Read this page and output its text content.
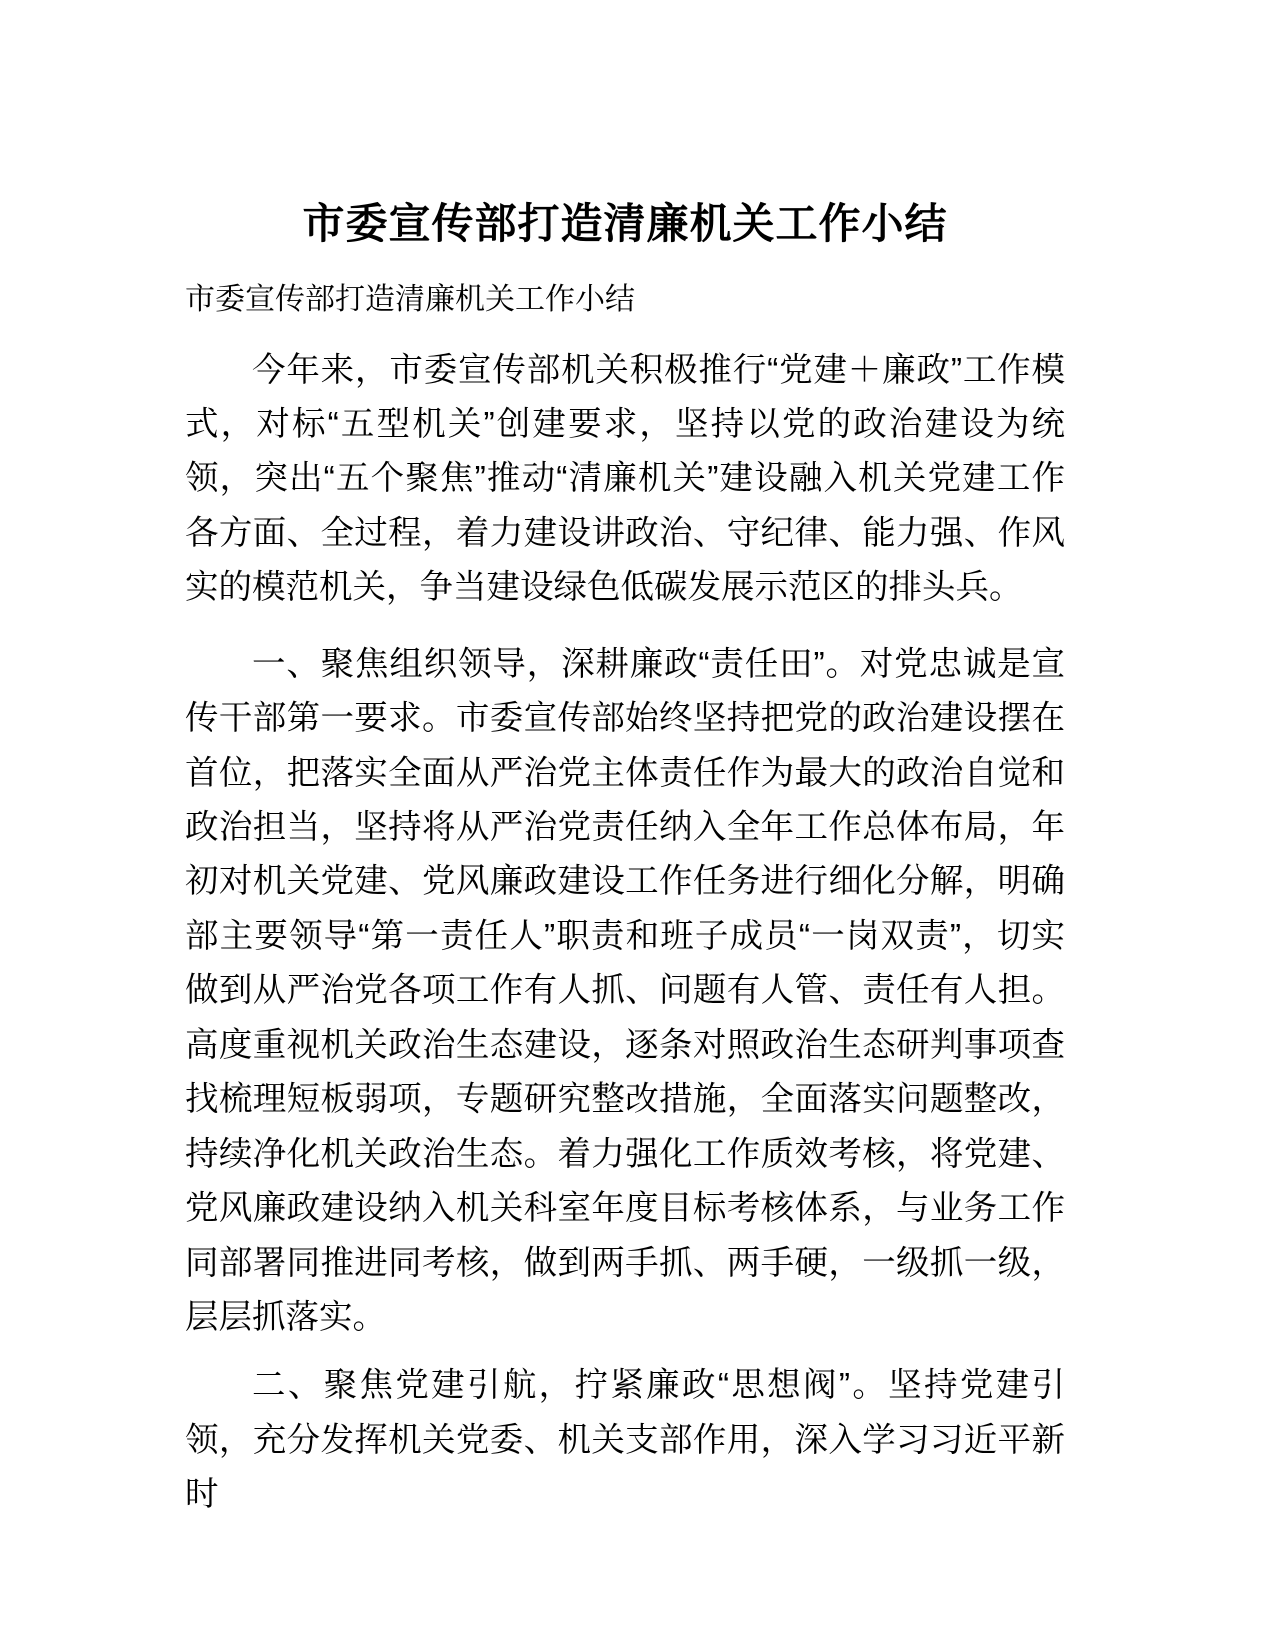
市委宣传部打造清廉机关工作小结

市委宣传部打造清廉机关工作小结

今年来，市委宣传部机关积极推行“党建＋廉政”工作模式，对标“五型机关”创建要求，坚持以党的政治建设为统领，突出“五个聚焦”推动“清廉机关”建设融入机关党建工作各方面、全过程，着力建设讲政治、守纪律、能力强、作风实的模范机关，争当建设绿色低碳发展示范区的排头兵。

一、聚焦组织领导，深耕廉政“责任田”。对党忠诚是宣传干部第一要求。市委宣传部始终坚持把党的政治建设摆在首位，把落实全面从严治党主体责任作为最大的政治自觉和政治担当，坚持将从严治党责任纳入全年工作总体布局，年初对机关党建、党风廉政建设工作任务进行细化分解，明确部主要领导“第一责任人”职责和班子成员“一岗双责”，切实做到从严治党各项工作有人抓、问题有人管、责任有人担。高度重视机关政治生态建设，逐条对照政治生态研判事项查找梳理短板弱项，专题研究整改措施，全面落实问题整改，持续净化机关政治生态。着力强化工作质效考核，将党建、党风廉政建设纳入机关科室年度目标考核体系，与业务工作同部署同推进同考核，做到两手抓、两手硬，一级抓一级，层层抓落实。

二、聚焦党建引航，拧紧廉政“思想阀”。坚持党建引领，充分发挥机关党委、机关支部作用，深入学习习近平新时
